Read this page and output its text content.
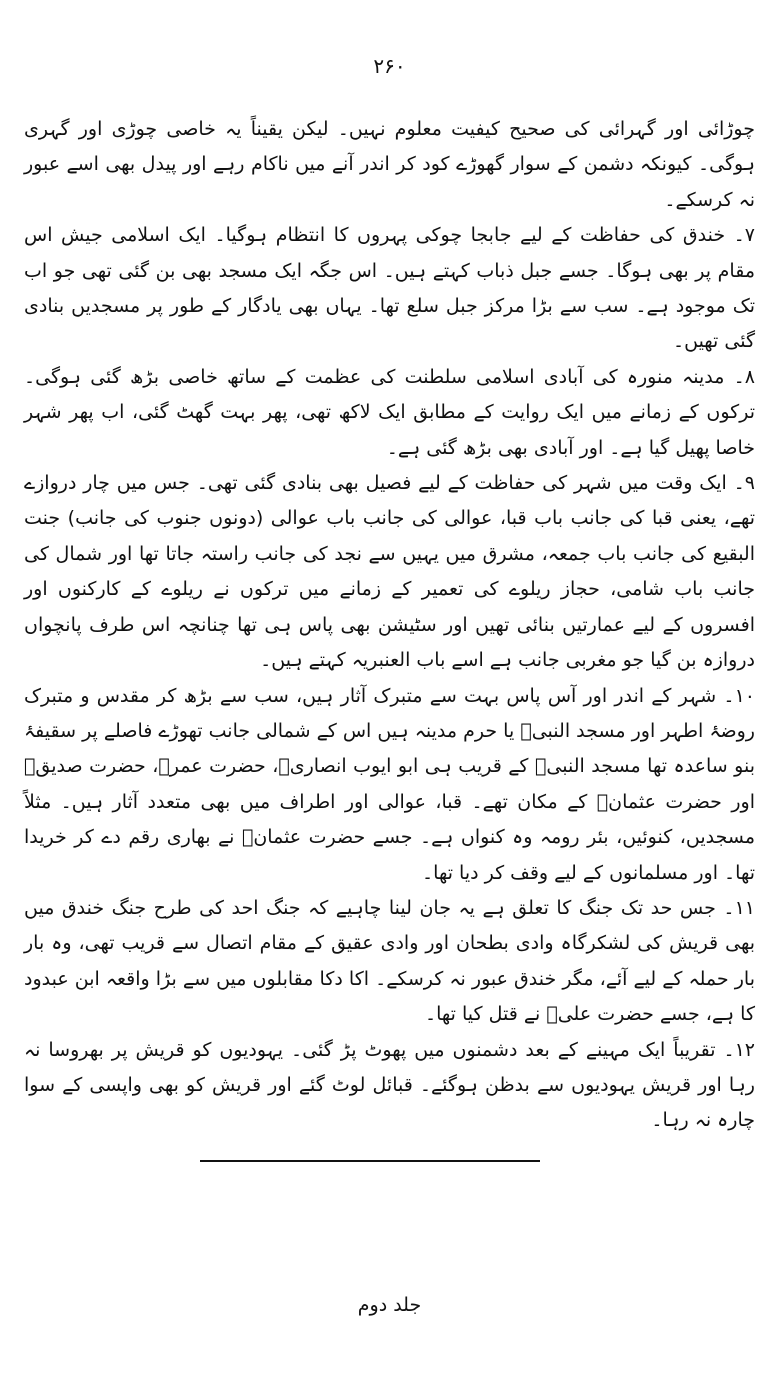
۲۶۰

چوڑائی اور گہرائی کی صحیح کیفیت معلوم نہیں۔ لیکن یقیناً یہ خاصی چوڑی اور گہری ہوگی۔ کیونکہ دشمن کے سوار گھوڑے کود کر اندر آنے میں ناکام رہے اور پیدل بھی اسے عبور نہ کرسکے۔

۷۔ خندق کی حفاظت کے لیے جابجا چوکی پہروں کا انتظام ہوگیا۔ ایک اسلامی جیش اس مقام پر بھی ہوگا۔ جسے جبل ذباب کہتے ہیں۔ اس جگہ ایک مسجد بھی بن گئی تھی جو اب تک موجود ہے۔ سب سے بڑا مرکز جبل سلع تھا۔ یہاں بھی یادگار کے طور پر مسجدیں بنادی گئی تھیں۔

۸۔ مدینہ منورہ کی آبادی اسلامی سلطنت کی عظمت کے ساتھ خاصی بڑھ گئی ہوگی۔ ترکوں کے زمانے میں ایک روایت کے مطابق ایک لاکھ تھی، پھر بہت گھٹ گئی، اب پھر شہر خاصا پھیل گیا ہے۔ اور آبادی بھی بڑھ گئی ہے۔

۹۔ ایک وقت میں شہر کی حفاظت کے لیے فصیل بھی بنادی گئی تھی۔ جس میں چار دروازے تھے، یعنی قبا کی جانب باب قبا، عوالی کی جانب باب عوالی (دونوں جنوب کی جانب) جنت البقیع کی جانب باب جمعہ، مشرق میں یہیں سے نجد کی جانب راستہ جاتا تھا اور شمال کی جانب باب شامی، حجاز ریلوے کی تعمیر کے زمانے میں ترکوں نے ریلوے کے کارکنوں اور افسروں کے لیے عمارتیں بنائی تھیں اور سٹیشن بھی پاس ہی تھا چنانچہ اس طرف پانچواں دروازہ بن گیا جو مغربی جانب ہے اسے باب العنبریہ کہتے ہیں۔

۱۰۔ شہر کے اندر اور آس پاس بہت سے متبرک آثار ہیں، سب سے بڑھ کر مقدس و متبرک روضۂ اطہر اور مسجد النبیؐ یا حرم مدینہ ہیں اس کے شمالی جانب تھوڑے فاصلے پر سقیفۂ بنو ساعدہ تھا مسجد النبیؐ کے قریب ہی ابو ایوب انصاریؓ، حضرت عمرؓ، حضرت صدیقؓ اور حضرت عثمانؓ کے مکان تھے۔ قبا، عوالی اور اطراف میں بھی متعدد آثار ہیں۔ مثلاً مسجدیں، کنوئیں، بئر رومہ وہ کنواں ہے۔ جسے حضرت عثمانؓ نے بھاری رقم دے کر خریدا تھا۔ اور مسلمانوں کے لیے وقف کر دیا تھا۔

۱۱۔ جس حد تک جنگ کا تعلق ہے یہ جان لینا چاہیے کہ جنگ احد کی طرح جنگ خندق میں بھی قریش کی لشکرگاہ وادی بطحان اور وادی عقیق کے مقام اتصال سے قریب تھی، وہ بار بار حملہ کے لیے آئے، مگر خندق عبور نہ کرسکے۔ اکا دکا مقابلوں میں سے بڑا واقعہ ابن عبدود کا ہے، جسے حضرت علیؓ نے قتل کیا تھا۔

۱۲۔ تقریباً ایک مہینے کے بعد دشمنوں میں پھوٹ پڑ گئی۔ یہودیوں کو قریش پر بھروسا نہ رہا اور قریش یہودیوں سے بدظن ہوگئے۔ قبائل لوٹ گئے اور قریش کو بھی واپسی کے سوا چارہ نہ رہا۔

جلد دوم
